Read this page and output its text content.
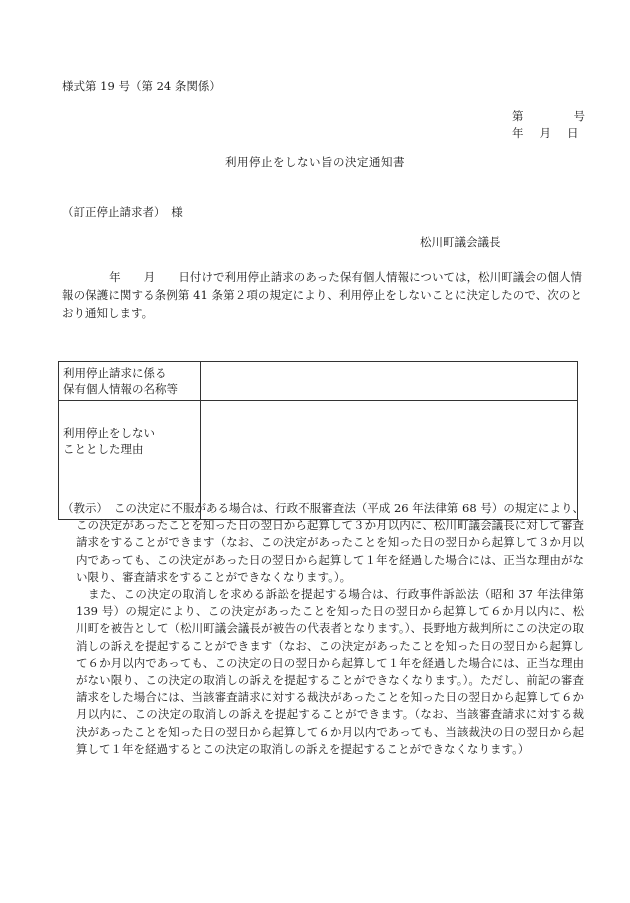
様式第 19 号（第 24 条関係）
第	号
年 月 日
利用停止をしない旨の決定通知書
（訂正停止請求者）　様
松川町議会議長
　　年　　月　　日付けで利用停止請求のあった保有個人情報については，松川町議会の個人情報の保護に関する条例第 41 条第２項の規定により、利用停止をしないことに決定したので、次のとおり通知します。
利用停止請求に係る
保有個人情報の名称等	

利用停止をしない
こととした理由	

（教示）　この決定に不服がある場合は、行政不服審査法（平成 26 年法律第 68 号）の規定により、この決定があったことを知った日の翌日から起算して３か月以内に、松川町議会議長に対して審査請求をすることができます（なお、この決定があったことを知った日の翌日から起算して３か月以内であっても、この決定があった日の翌日から起算して１年を経過した場合には、正当な理由がない限り、審査請求をすることができなくなります。）。

また、この決定の取消しを求める訴訟を提起する場合は、行政事件訴訟法（昭和 37 年法律第 139 号）の規定により、この決定があったことを知った日の翌日から起算して６か月以内に、松川町を被告として（松川町議会議長が被告の代表者となります。）、長野地方裁判所にこの決定の取消しの訴えを提起することができます（なお、この決定があったことを知った日の翌日から起算して６か月以内であっても、この決定の日の翌日から起算して１年を経過した場合には、正当な理由がない限り、この決定の取消しの訴えを提起することができなくなります。）。ただし、前記の審査請求をした場合には、当該審査請求に対する裁決があったことを知った日の翌日から起算して６か月以内に、この決定の取消しの訴えを提起することができます。（なお、当該審査請求に対する裁決があったことを知った日の翌日から起算して６か月以内であっても、当該裁決の日の翌日から起算して１年を経過するとこの決定の取消しの訴えを提起することができなくなります。）
